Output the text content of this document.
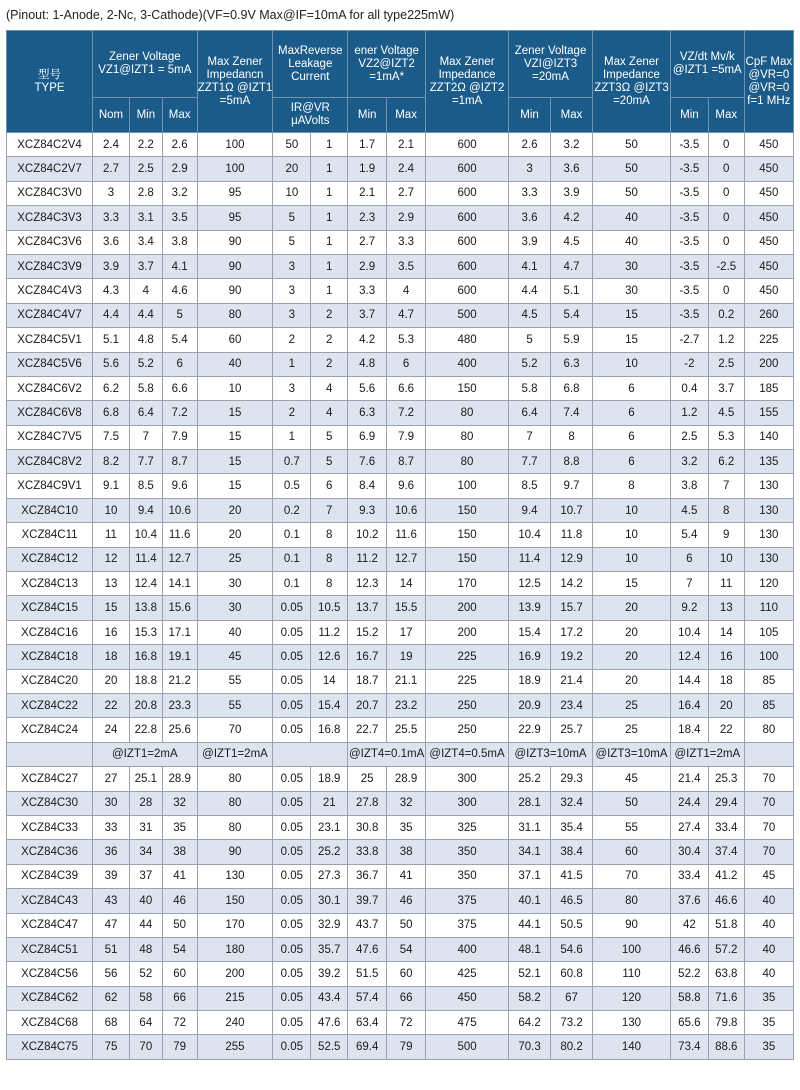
(Pinout: 1-Anode, 2-Nc, 3-Cathode)(VF=0.9V Max@IF=10mA for all type225mW)
型号
TYPE	Zener Voltage VZ1@IZT1 = 5mA			Max Zener Impedancn ZZT1Ω @IZT1 =5mA	MaxReverse Leakage Current		ener Voltage VZ2@IZT2 =1mA*		Max Zener Impedance ZZT2Ω @IZT2 =1mA	Zener Voltage VZI@IZT3 =20mA		Max Zener Impedance ZZT3Ω @IZT3 =20mA	VZ/dt Mv/k @IZT1 =5mA		CpF Max @VR=0 @VR=0 f=1 MHz
	Nom	Min	Max		IR@VR μAVolts		Min	Max		Min	Max		Min	Max	
XCZ84C2V4	2.4	2.2	2.6	100	50	1	1.7	2.1	600	2.6	3.2	50	-3.5	0	450
XCZ84C2V7	2.7	2.5	2.9	100	20	1	1.9	2.4	600	3	3.6	50	-3.5	0	450
XCZ84C3V0	3	2.8	3.2	95	10	1	2.1	2.7	600	3.3	3.9	50	-3.5	0	450
XCZ84C3V3	3.3	3.1	3.5	95	5	1	2.3	2.9	600	3.6	4.2	40	-3.5	0	450
XCZ84C3V6	3.6	3.4	3.8	90	5	1	2.7	3.3	600	3.9	4.5	40	-3.5	0	450
XCZ84C3V9	3.9	3.7	4.1	90	3	1	2.9	3.5	600	4.1	4.7	30	-3.5	-2.5	450
XCZ84C4V3	4.3	4	4.6	90	3	1	3.3	4	600	4.4	5.1	30	-3.5	0	450
XCZ84C4V7	4.4	4.4	5	80	3	2	3.7	4.7	500	4.5	5.4	15	-3.5	0.2	260
XCZ84C5V1	5.1	4.8	5.4	60	2	2	4.2	5.3	480	5	5.9	15	-2.7	1.2	225
XCZ84C5V6	5.6	5.2	6	40	1	2	4.8	6	400	5.2	6.3	10	-2	2.5	200
XCZ84C6V2	6.2	5.8	6.6	10	3	4	5.6	6.6	150	5.8	6.8	6	0.4	3.7	185
XCZ84C6V8	6.8	6.4	7.2	15	2	4	6.3	7.2	80	6.4	7.4	6	1.2	4.5	155
XCZ84C7V5	7.5	7	7.9	15	1	5	6.9	7.9	80	7	8	6	2.5	5.3	140
XCZ84C8V2	8.2	7.7	8.7	15	0.7	5	7.6	8.7	80	7.7	8.8	6	3.2	6.2	135
XCZ84C9V1	9.1	8.5	9.6	15	0.5	6	8.4	9.6	100	8.5	9.7	8	3.8	7	130
XCZ84C10	10	9.4	10.6	20	0.2	7	9.3	10.6	150	9.4	10.7	10	4.5	8	130
XCZ84C11	11	10.4	11.6	20	0.1	8	10.2	11.6	150	10.4	11.8	10	5.4	9	130
XCZ84C12	12	11.4	12.7	25	0.1	8	11.2	12.7	150	11.4	12.9	10	6	10	130
XCZ84C13	13	12.4	14.1	30	0.1	8	12.3	14	170	12.5	14.2	15	7	11	120
XCZ84C15	15	13.8	15.6	30	0.05	10.5	13.7	15.5	200	13.9	15.7	20	9.2	13	110
XCZ84C16	16	15.3	17.1	40	0.05	11.2	15.2	17	200	15.4	17.2	20	10.4	14	105
XCZ84C18	18	16.8	19.1	45	0.05	12.6	16.7	19	225	16.9	19.2	20	12.4	16	100
XCZ84C20	20	18.8	21.2	55	0.05	14	18.7	21.1	225	18.9	21.4	20	14.4	18	85
XCZ84C22	22	20.8	23.3	55	0.05	15.4	20.7	23.2	250	20.9	23.4	25	16.4	20	85
XCZ84C24	24	22.8	25.6	70	0.05	16.8	22.7	25.5	250	22.9	25.7	25	18.4	22	80
	@IZT1=2mA			@IZT1=2mA			@IZT4=0.1mA		@IZT4=0.5mA	@IZT3=10mA		@IZT3=10mA	@IZT1=2mA		
XCZ84C27	27	25.1	28.9	80	0.05	18.9	25	28.9	300	25.2	29.3	45	21.4	25.3	70
XCZ84C30	30	28	32	80	0.05	21	27.8	32	300	28.1	32.4	50	24.4	29.4	70
XCZ84C33	33	31	35	80	0.05	23.1	30.8	35	325	31.1	35.4	55	27.4	33.4	70
XCZ84C36	36	34	38	90	0.05	25.2	33.8	38	350	34.1	38.4	60	30.4	37.4	70
XCZ84C39	39	37	41	130	0.05	27.3	36.7	41	350	37.1	41.5	70	33.4	41.2	45
XCZ84C43	43	40	46	150	0.05	30.1	39.7	46	375	40.1	46.5	80	37.6	46.6	40
XCZ84C47	47	44	50	170	0.05	32.9	43.7	50	375	44.1	50.5	90	42	51.8	40
XCZ84C51	51	48	54	180	0.05	35.7	47.6	54	400	48.1	54.6	100	46.6	57.2	40
XCZ84C56	56	52	60	200	0.05	39.2	51.5	60	425	52.1	60.8	110	52.2	63.8	40
XCZ84C62	62	58	66	215	0.05	43.4	57.4	66	450	58.2	67	120	58.8	71.6	35
XCZ84C68	68	64	72	240	0.05	47.6	63.4	72	475	64.2	73.2	130	65.6	79.8	35
XCZ84C75	75	70	79	255	0.05	52.5	69.4	79	500	70.3	80.2	140	73.4	88.6	35
